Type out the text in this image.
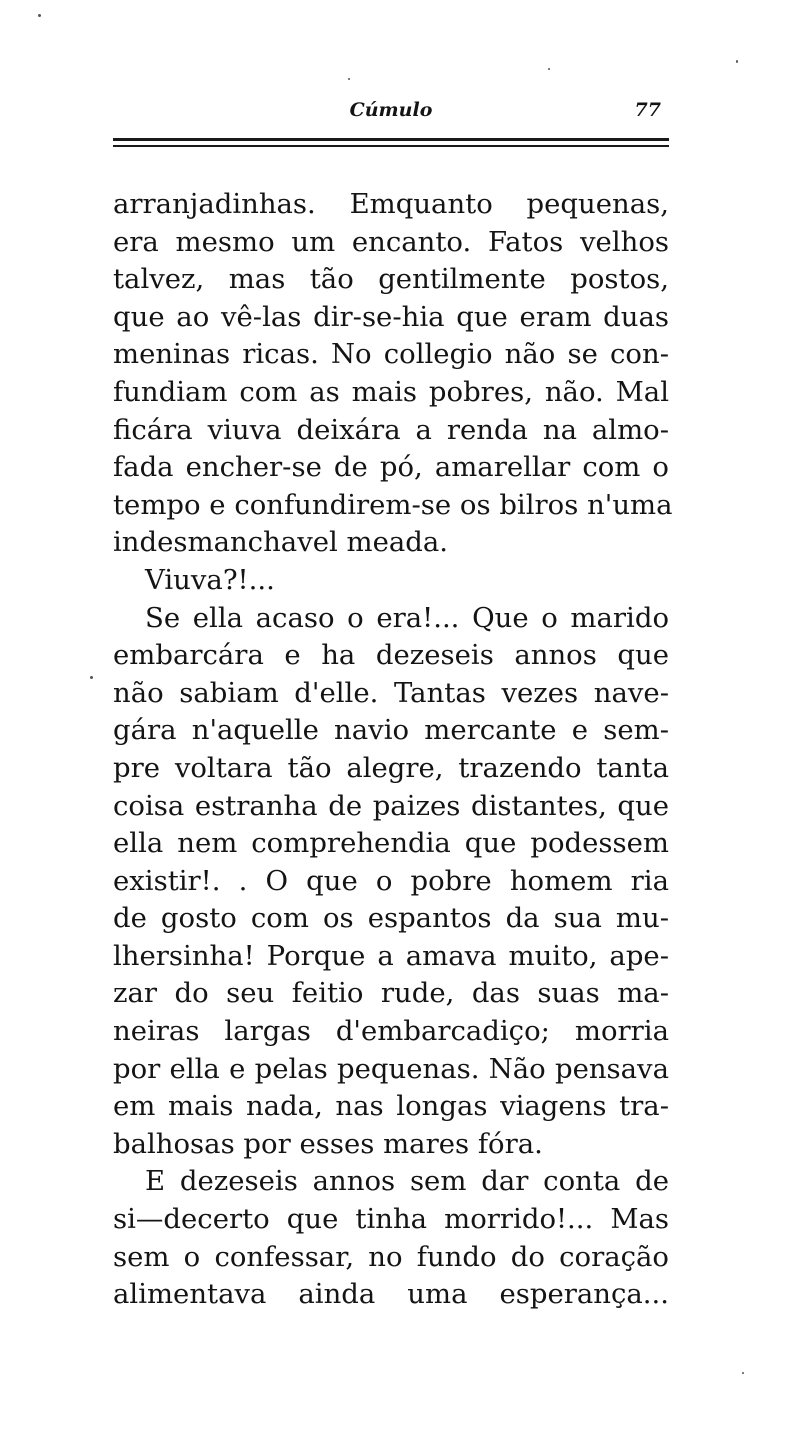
Cúmulo	77
arranjadinhas. Emquanto pequenas,
era mesmo um encanto. Fatos velhos
talvez, mas tão gentilmente postos,
que ao vê-las dir-se-hia que eram duas
meninas ricas. No collegio não se con-
fundiam com as mais pobres, não. Mal
ficára viuva deixára a renda na almo-
fada encher-se de pó, amarellar com o
tempo e confundirem-se os bilros n'uma
indesmanchavel meada.
Viuva?!...
Se ella acaso o era!... Que o marido
embarcára e ha dezeseis annos que
não sabiam d'elle. Tantas vezes nave-
gára n'aquelle navio mercante e sem-
pre voltara tão alegre, trazendo tanta
coisa estranha de paizes distantes, que
ella nem comprehendia que podessem
existir!. . O que o pobre homem ria
de gosto com os espantos da sua mu-
lhersinha! Porque a amava muito, ape-
zar do seu feitio rude, das suas ma-
neiras largas d'embarcadiço; morria
por ella e pelas pequenas. Não pensava
em mais nada, nas longas viagens tra-
balhosas por esses mares fóra.
E dezeseis annos sem dar conta de
si—decerto que tinha morrido!... Mas
sem o confessar, no fundo do coração
alimentava ainda uma esperança...
